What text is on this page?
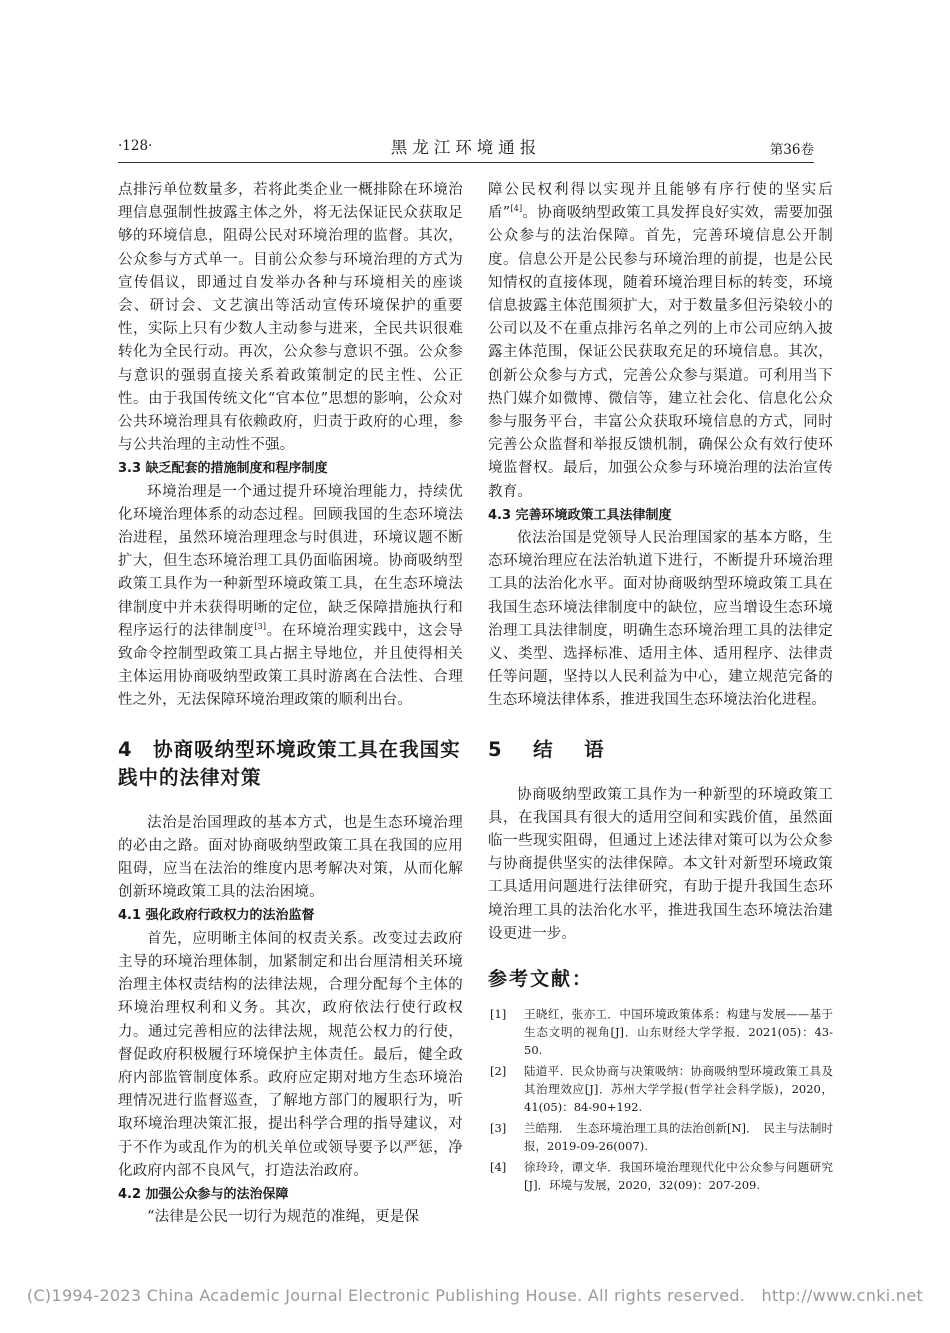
·128·	黑龙江环境通报	第36卷

点排污单位数量多，若将此类企业一概排除在环境治理信息强制性披露主体之外，将无法保证民众获取足够的环境信息，阻碍公民对环境治理的监督。其次，公众参与方式单一。目前公众参与环境治理的方式为宣传倡议，即通过自发举办各种与环境相关的座谈会、研讨会、文艺演出等活动宣传环境保护的重要性，实际上只有少数人主动参与进来，全民共识很难转化为全民行动。再次，公众参与意识不强。公众参与意识的强弱直接关系着政策制定的民主性、公正性。由于我国传统文化“官本位”思想的影响，公众对公共环境治理具有依赖政府，归责于政府的心理，参与公共治理的主动性不强。

3.3 缺乏配套的措施制度和程序制度

环境治理是一个通过提升环境治理能力，持续优化环境治理体系的动态过程。回顾我国的生态环境法治进程，虽然环境治理理念与时俱进，环境议题不断扩大，但生态环境治理工具仍面临困境。协商吸纳型政策工具作为一种新型环境政策工具，在生态环境法律制度中并未获得明晰的定位，缺乏保障措施执行和程序运行的法律制度[3]。在环境治理实践中，这会导致命令控制型政策工具占据主导地位，并且使得相关主体运用协商吸纳型政策工具时游离在合法性、合理性之外，无法保障环境治理政策的顺利出台。

4　协商吸纳型环境政策工具在我国实践中的法律对策

法治是治国理政的基本方式，也是生态环境治理的必由之路。面对协商吸纳型政策工具在我国的应用阻碍，应当在法治的维度内思考解决对策，从而化解创新环境政策工具的法治困境。

4.1 强化政府行政权力的法治监督

首先，应明晰主体间的权责关系。改变过去政府主导的环境治理体制，加紧制定和出台厘清相关环境治理主体权责结构的法律法规，合理分配每个主体的环境治理权利和义务。其次，政府依法行使行政权力。通过完善相应的法律法规，规范公权力的行使，督促政府积极履行环境保护主体责任。最后，健全政府内部监管制度体系。政府应定期对地方生态环境治理情况进行监督巡查，了解地方部门的履职行为，听取环境治理决策汇报，提出科学合理的指导建议，对于不作为或乱作为的机关单位或领导要予以严惩，净化政府内部不良风气，打造法治政府。

4.2 加强公众参与的法治保障

“法律是公民一切行为规范的准绳，更是保

障公民权利得以实现并且能够有序行使的坚实后盾”[4]。协商吸纳型政策工具发挥良好实效，需要加强公众参与的法治保障。首先，完善环境信息公开制度。信息公开是公民参与环境治理的前提，也是公民知情权的直接体现，随着环境治理目标的转变，环境信息披露主体范围须扩大，对于数量多但污染较小的公司以及不在重点排污名单之列的上市公司应纳入披露主体范围，保证公民获取充足的环境信息。其次，创新公众参与方式，完善公众参与渠道。可利用当下热门媒介如微博、微信等，建立社会化、信息化公众参与服务平台，丰富公众获取环境信息的方式，同时完善公众监督和举报反馈机制，确保公众有效行使环境监督权。最后，加强公众参与环境治理的法治宣传教育。

4.3 完善环境政策工具法律制度

依法治国是党领导人民治理国家的基本方略，生态环境治理应在法治轨道下进行，不断提升环境治理工具的法治化水平。面对协商吸纳型环境政策工具在我国生态环境法律制度中的缺位，应当增设生态环境治理工具法律制度，明确生态环境治理工具的法律定义、类型、选择标准、适用主体、适用程序、法律责任等问题，坚持以人民利益为中心，建立规范完备的生态环境法律体系，推进我国生态环境法治化进程。

5　结　语

协商吸纳型政策工具作为一种新型的环境政策工具，在我国具有很大的适用空间和实践价值，虽然面临一些现实阻碍，但通过上述法律对策可以为公众参与协商提供坚实的法律保障。本文针对新型环境政策工具适用问题进行法律研究，有助于提升我国生态环境治理工具的法治化水平，推进我国生态环境法治建设更进一步。

参考文献：

[1]	王晓红，张亦工．中国环境政策体系：构建与发展——基于生态文明的视角[J]．山东财经大学学报．2021(05)：43-50.
[2]	陆道平．民众协商与决策吸纳：协商吸纳型环境政策工具及其治理效应[J]．苏州大学学报(哲学社会科学版)，2020，41(05)：84-90+192.
[3]	兰皓翔．　生态环境治理工具的法治创新[N]．　民主与法制时报，2019-09-26(007).
[4]	徐玲玲，谭文华．我国环境治理现代化中公众参与问题研究[J]．环境与发展，2020，32(09)：207-209.
(C)1994-2023 China Academic Journal Electronic Publishing House. All rights reserved.　http://www.cnki.net
